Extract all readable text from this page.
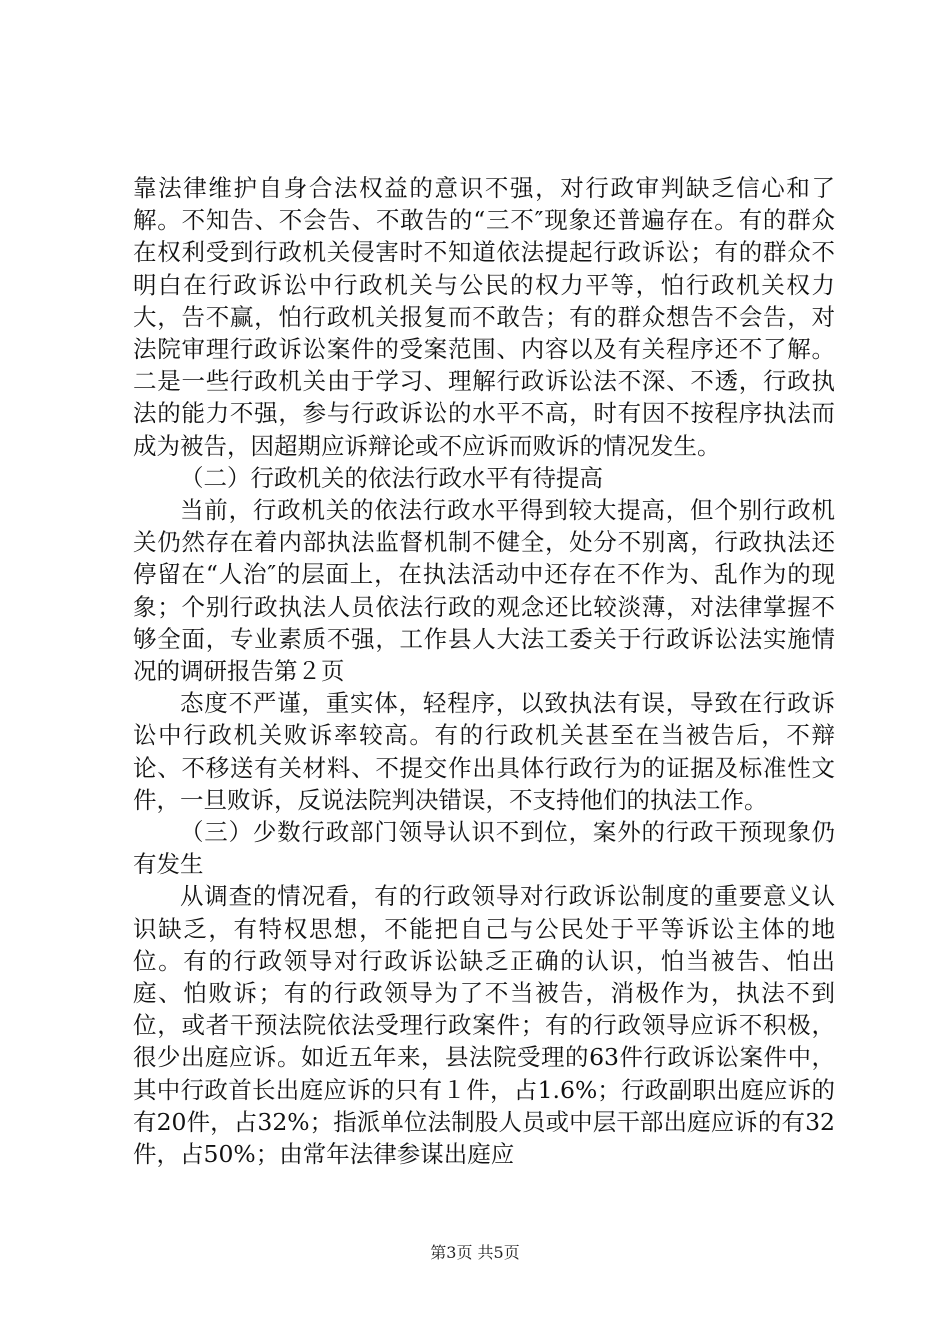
靠法律维护自身合法权益的意识不强，对行政审判缺乏信心和了解。不知告、不会告、不敢告的“三不″现象还普遍存在。有的群众在权利受到行政机关侵害时不知道依法提起行政诉讼；有的群众不明白在行政诉讼中行政机关与公民的权力平等，怕行政机关权力大，告不赢，怕行政机关报复而不敢告；有的群众想告不会告，对法院审理行政诉讼案件的受案范围、内容以及有关程序还不了解。二是一些行政机关由于学习、理解行政诉讼法不深、不透，行政执法的能力不强，参与行政诉讼的水平不高，时有因不按程序执法而成为被告，因超期应诉辩论或不应诉而败诉的情况发生。

（二）行政机关的依法行政水平有待提高

当前，行政机关的依法行政水平得到较大提高，但个别行政机关仍然存在着内部执法监督机制不健全，处分不别离，行政执法还停留在“人治″的层面上，在执法活动中还存在不作为、乱作为的现象；个别行政执法人员依法行政的观念还比较淡薄，对法律掌握不够全面，专业素质不强，工作县人大法工委关于行政诉讼法实施情况的调研报告第２页

态度不严谨，重实体，轻程序，以致执法有误，导致在行政诉讼中行政机关败诉率较高。有的行政机关甚至在当被告后，不辩论、不移送有关材料、不提交作出具体行政行为的证据及标准性文件，一旦败诉，反说法院判决错误，不支持他们的执法工作。

（三）少数行政部门领导认识不到位，案外的行政干预现象仍有发生

从调查的情况看，有的行政领导对行政诉讼制度的重要意义认识缺乏，有特权思想，不能把自己与公民处于平等诉讼主体的地位。有的行政领导对行政诉讼缺乏正确的认识，怕当被告、怕出庭、怕败诉；有的行政领导为了不当被告，消极作为，执法不到位，或者干预法院依法受理行政案件；有的行政领导应诉不积极，很少出庭应诉。如近五年来，县法院受理的63件行政诉讼案件中，其中行政首长出庭应诉的只有１件，占1.6%；行政副职出庭应诉的有20件，占32%；指派单位法制股人员或中层干部出庭应诉的有32件，占50%；由常年法律参谋出庭应

第3页 共5页
